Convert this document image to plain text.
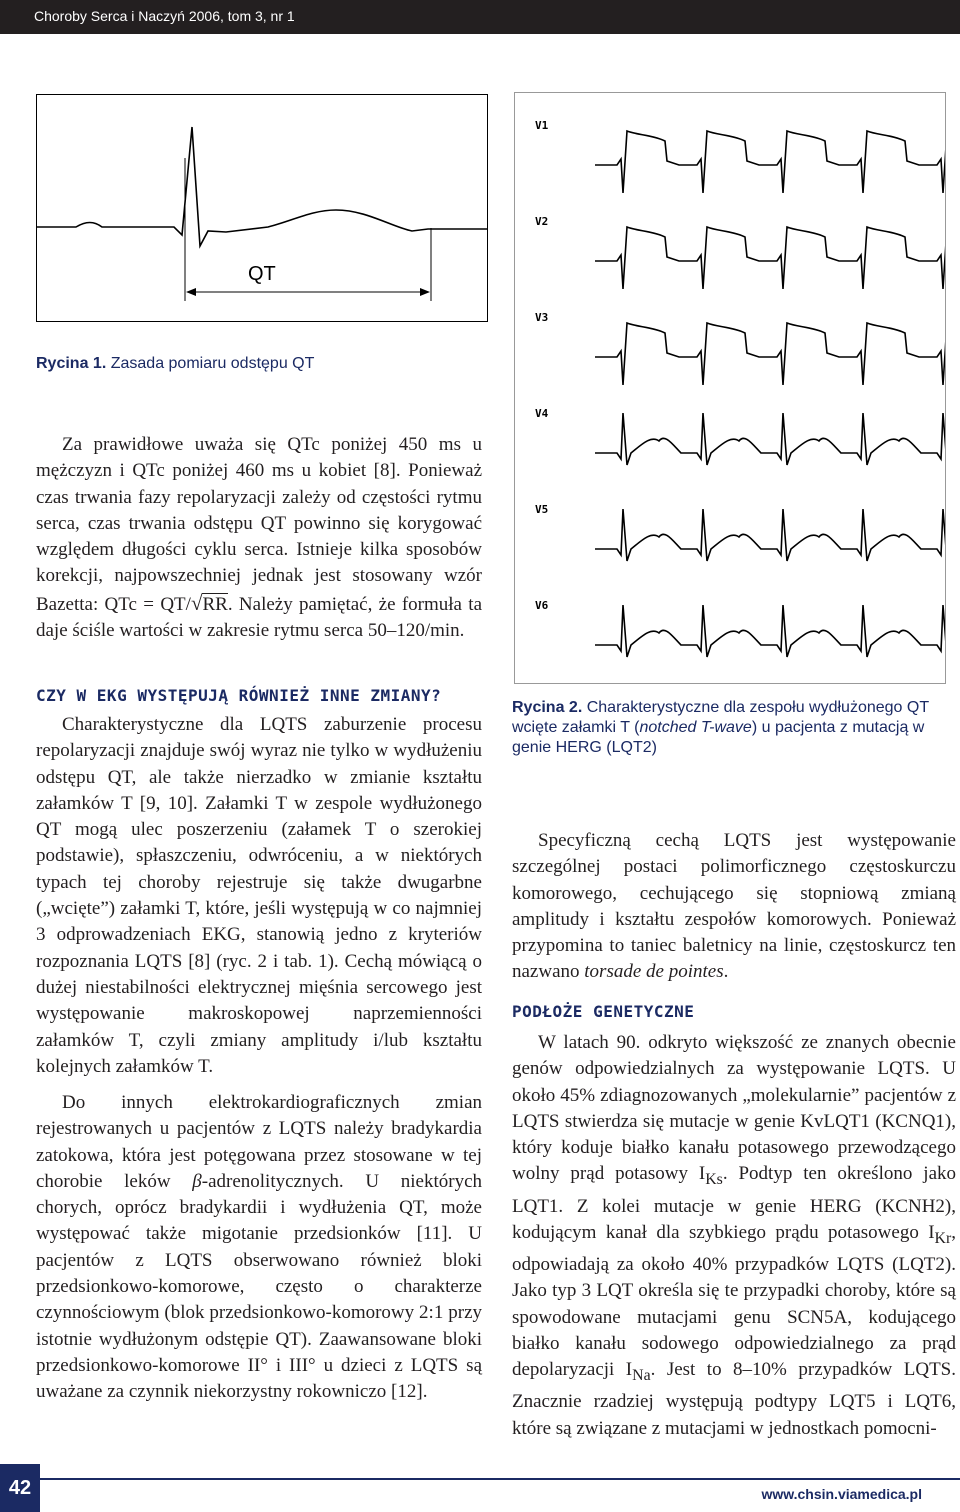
Choroby Serca i Naczyń 2006, tom 3, nr 1
QT
Rycina 1. Zasada pomiaru odstępu QT
V1
V2
V3
V4
V5
V6
Rycina 2. Charakterystyczne dla zespołu wydłużonego QT wcięte załamki T (notched T-wave) u pacjenta z mutacją w genie HERG (LQT2)

Za prawidłowe uważa się QTc poniżej 450 ms u mężczyzn i QTc poniżej 460 ms u kobiet [8]. Ponieważ czas trwania fazy repolaryzacji zależy od częstości rytmu serca, czas trwania odstępu QT powinno się korygować względem długości cyklu serca. Istnieje kilka sposobów korekcji, najpowszechniej jednak jest stosowany wzór Bazetta: QTc = QT/√RR. Należy pamiętać, że formuła ta daje ściśle wartości w zakresie rytmu serca 50–120/min.

CZY W EKG WYSTĘPUJĄ RÓWNIEŻ INNE ZMIANY?

Charakterystyczne dla LQTS zaburzenie procesu repolaryzacji znajduje swój wyraz nie tylko w wydłużeniu odstępu QT, ale także nierzadko w zmianie kształtu załamków T [9, 10]. Załamki T w zespole wydłużonego QT mogą ulec poszerzeniu (załamek T o szerokiej podstawie), spłaszczeniu, odwróceniu, a w niektórych typach tej choroby rejestruje się także dwugarbne („wcięte”) załamki T, które, jeśli występują w co najmniej 3 odprowadzeniach EKG, stanowią jedno z kryteriów rozpoznania LQTS [8] (ryc. 2 i tab. 1). Cechą mówiącą o dużej niestabilności elektrycznej mięśnia sercowego jest występowanie makroskopowej naprzemienności załamków T, czyli zmiany amplitudy i/lub kształtu kolejnych załamków T.

Do innych elektrokardiograficznych zmian rejestrowanych u pacjentów z LQTS należy bradykardia zatokowa, która jest potęgowana przez stosowane w tej chorobie leków β-adrenolitycznych. U niektórych chorych, oprócz bradykardii i wydłużenia QT, może występować także migotanie przedsionków [11]. U pacjentów z LQTS obserwowano również bloki przedsionkowo-komorowe, często o charakterze czynnościowym (blok przedsionkowo-komorowy 2:1 przy istotnie wydłużonym odstępie QT). Zaawansowane bloki przedsionkowo-komorowe II° i III° u dzieci z LQTS są uważane za czynnik niekorzystny rokowniczo [12].

Specyficzną cechą LQTS jest występowanie szczególnej postaci polimorficznego częstoskurczu komorowego, cechującego się stopniową zmianą amplitudy i kształtu zespołów komorowych. Ponieważ przypomina to taniec baletnicy na linie, częstoskurcz ten nazwano torsade de pointes.

PODŁOŻE GENETYCZNE

W latach 90. odkryto większość ze znanych obecnie genów odpowiedzialnych za występowanie LQTS. U około 45% zdiagnozowanych „molekularnie” pacjentów z LQTS stwierdza się mutacje w genie KvLQT1 (KCNQ1), który koduje białko kanału potasowego przewodzącego wolny prąd potasowy $I_{Ks}$. Podtyp ten określono jako LQT1. Z kolei mutacje w genie HERG (KCNH2), kodującym kanał dla szybkiego prądu potasowego $I_{Kr}$, odpowiadają za około 40% przypadków LQTS (LQT2). Jako typ 3 LQT określa się te przypadki choroby, które są spowodowane mutacjami genu SCN5A, kodującego białko kanału sodowego odpowiedzialnego za prąd depolaryzacji $I_{Na}$. Jest to 8–10% przypadków LQTS. Znacznie rzadziej występują podtypy LQT5 i LQT6, które są związane z mutacjami w jednostkach pomocni-

42	www.chsin.viamedica.pl
